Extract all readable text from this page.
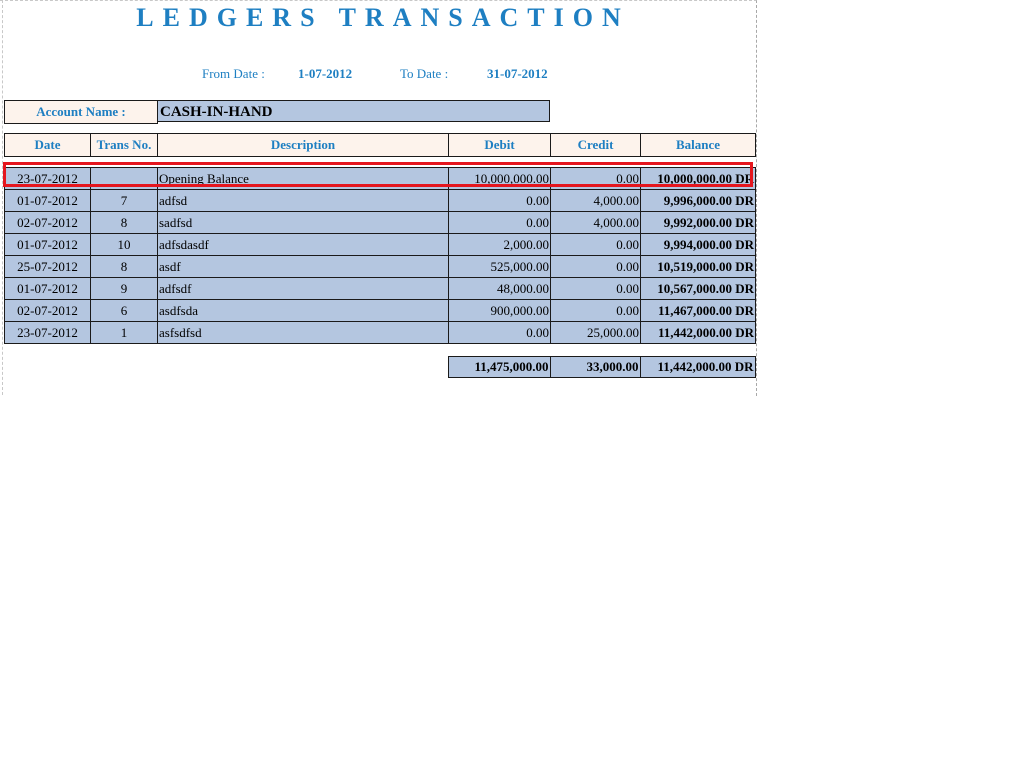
LEDGERS TRANSACTION
From Date :	1-07-2012	To Date :	31-07-2012
Account Name :	CASH-IN-HAND
Date	Trans No.	Description	Debit	Credit	Balance
23-07-2012		Opening Balance	10,000,000.00	0.00	10,000,000.00 DR
01-07-2012	7	adfsd	0.00	4,000.00	9,996,000.00 DR
02-07-2012	8	sadfsd	0.00	4,000.00	9,992,000.00 DR
01-07-2012	10	adfsdasdf	2,000.00	0.00	9,994,000.00 DR
25-07-2012	8	asdf	525,000.00	0.00	10,519,000.00 DR
01-07-2012	9	adfsdf	48,000.00	0.00	10,567,000.00 DR
02-07-2012	6	asdfsda	900,000.00	0.00	11,467,000.00 DR
23-07-2012	1	asfsdfsd	0.00	25,000.00	11,442,000.00 DR
			11,475,000.00	33,000.00	11,442,000.00 DR
